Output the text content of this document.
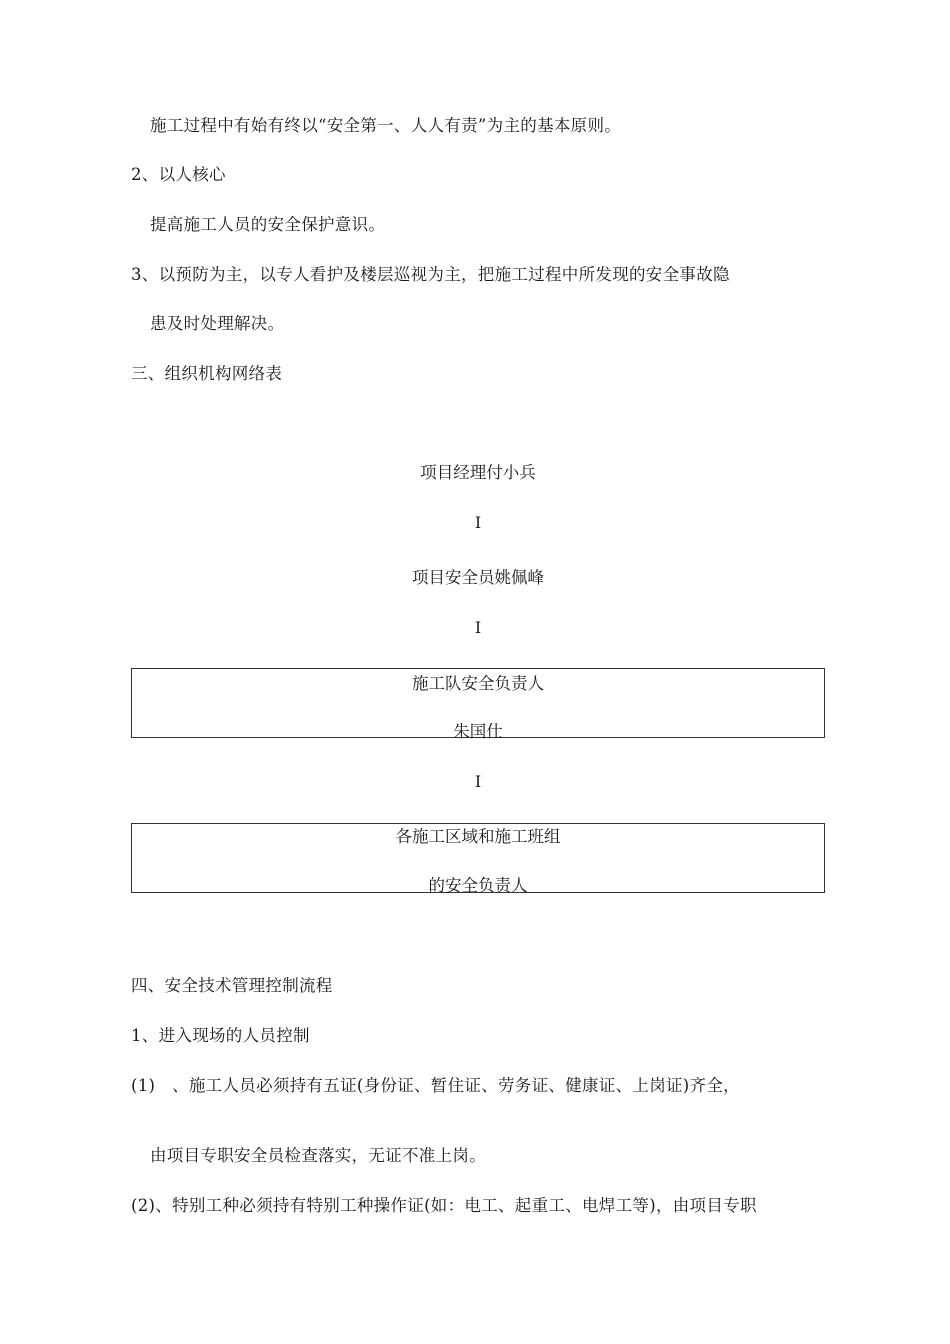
施工过程中有始有终以“安全第一、人人有责”为主的基本原则。
2、以人核心
提高施工人员的安全保护意识。
3、以预防为主，以专人看护及楼层巡视为主，把施工过程中所发现的安全事故隐
患及时处理解决。
三、组织机构网络表
项目经理付小兵
I
项目安全员姚佩峰
I
施工队安全负责人
朱国仕
I
各施工区域和施工班组
的安全负责人
四、安全技术管理控制流程
1、进入现场的人员控制
(1)　、施工人员必须持有五证(身份证、暂住证、劳务证、健康证、上岗证)齐全，
由项目专职安全员检查落实，无证不准上岗。
(2)、特别工种必须持有特别工种操作证(如：电工、起重工、电焊工等)，由项目专职
